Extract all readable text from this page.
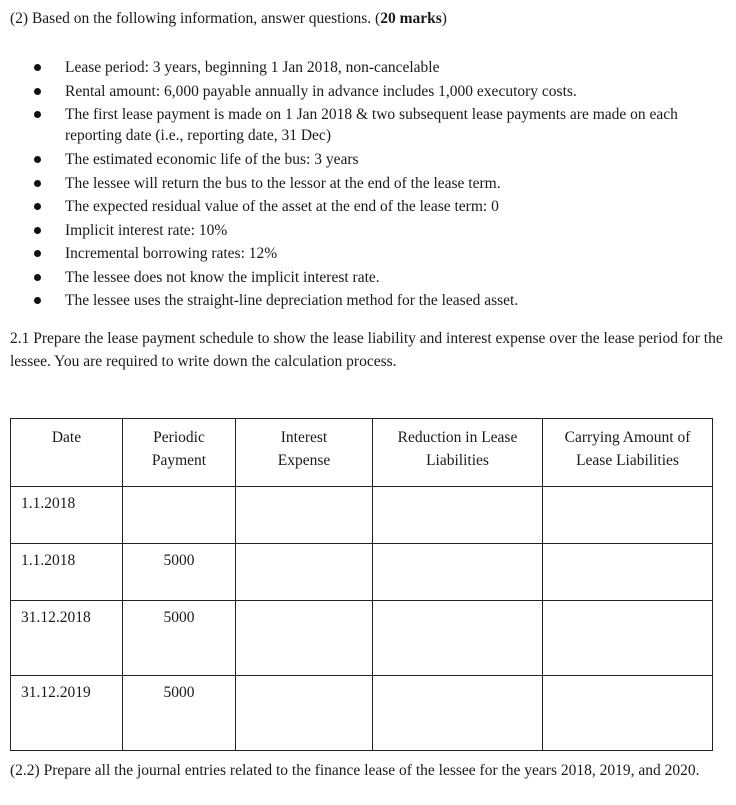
(2) Based on the following information, answer questions. (20 marks)
Lease period: 3 years, beginning 1 Jan 2018, non-cancelable
Rental amount: 6,000 payable annually in advance includes 1,000 executory costs.
The first lease payment is made on 1 Jan 2018 & two subsequent lease payments are made on each reporting date (i.e., reporting date, 31 Dec)
The estimated economic life of the bus: 3 years
The lessee will return the bus to the lessor at the end of the lease term.
The expected residual value of the asset at the end of the lease term: 0
Implicit interest rate: 10%
Incremental borrowing rates: 12%
The lessee does not know the implicit interest rate.
The lessee uses the straight-line depreciation method for the leased asset.
2.1 Prepare the lease payment schedule to show the lease liability and interest expense over the lease period for the lessee. You are required to write down the calculation process.
Date	Periodic Payment	Interest Expense	Reduction in Lease Liabilities	Carrying Amount of Lease Liabilities
1.1.2018				
1.1.2018	5000			
31.12.2018	5000			
31.12.2019	5000			
(2.2) Prepare all the journal entries related to the finance lease of the lessee for the years 2018, 2019, and 2020.
